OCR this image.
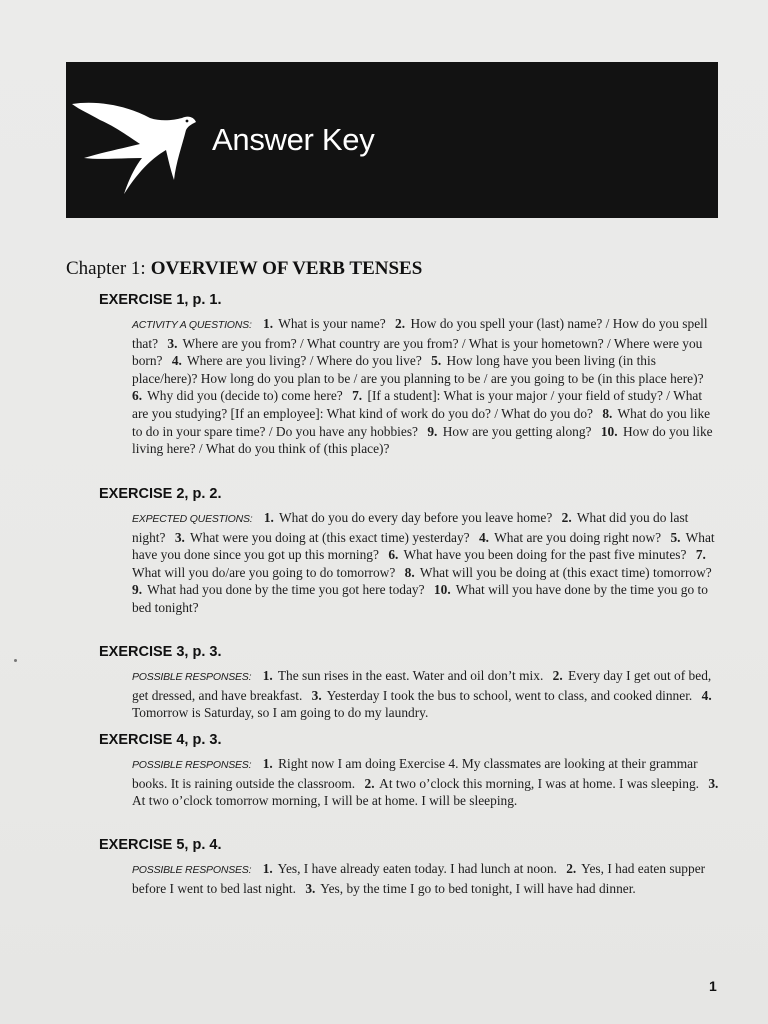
Answer Key
Chapter 1: OVERVIEW OF VERB TENSES
EXERCISE 1, p. 1.
ACTIVITY A QUESTIONS: 1. What is your name? 2. How do you spell your (last) name? / How do you spell that? 3. Where are you from? / What country are you from? / What is your hometown? / Where were you born? 4. Where are you living? / Where do you live? 5. How long have you been living (in this place/here)? How long do you plan to be / are you planning to be / are you going to be (in this place here)? 6. Why did you (decide to) come here? 7. [If a student]: What is your major / your field of study? / What are you studying? [If an employee]: What kind of work do you do? / What do you do? 8. What do you like to do in your spare time? / Do you have any hobbies? 9. How are you getting along? 10. How do you like living here? / What do you think of (this place)?
EXERCISE 2, p. 2.
EXPECTED QUESTIONS: 1. What do you do every day before you leave home? 2. What did you do last night? 3. What were you doing at (this exact time) yesterday? 4. What are you doing right now? 5. What have you done since you got up this morning? 6. What have you been doing for the past five minutes? 7. What will you do/are you going to do tomorrow? 8. What will you be doing at (this exact time) tomorrow? 9. What had you done by the time you got here today? 10. What will you have done by the time you go to bed tonight?
EXERCISE 3, p. 3.
POSSIBLE RESPONSES: 1. The sun rises in the east. Water and oil don’t mix. 2. Every day I get out of bed, get dressed, and have breakfast. 3. Yesterday I took the bus to school, went to class, and cooked dinner. 4. Tomorrow is Saturday, so I am going to do my laundry.
EXERCISE 4, p. 3.
POSSIBLE RESPONSES: 1. Right now I am doing Exercise 4. My classmates are looking at their grammar books. It is raining outside the classroom. 2. At two o’clock this morning, I was at home. I was sleeping. 3. At two o’clock tomorrow morning, I will be at home. I will be sleeping.
EXERCISE 5, p. 4.
POSSIBLE RESPONSES: 1. Yes, I have already eaten today. I had lunch at noon. 2. Yes, I had eaten supper before I went to bed last night. 3. Yes, by the time I go to bed tonight, I will have had dinner.
1
